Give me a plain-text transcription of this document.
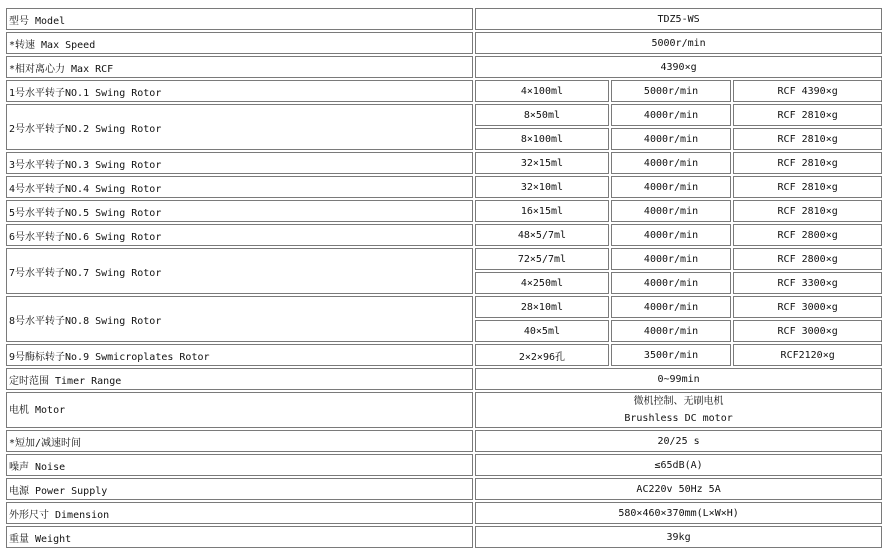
型号 Model	TDZ5-WS		
*转速 Max Speed	5000r/min		
*相对离心力 Max RCF	4390×g		
1号水平转子NO.1 Swing Rotor	4×100ml	5000r/min	RCF 4390×g
2号水平转子NO.2 Swing Rotor	8×50ml	4000r/min	RCF 2810×g
	8×100ml	4000r/min	RCF 2810×g
3号水平转子NO.3 Swing Rotor	32×15ml	4000r/min	RCF 2810×g
4号水平转子NO.4 Swing Rotor	32×10ml	4000r/min	RCF 2810×g
5号水平转子NO.5 Swing Rotor	16×15ml	4000r/min	RCF 2810×g
6号水平转子NO.6 Swing Rotor	48×5/7ml	4000r/min	RCF 2800×g
7号水平转子NO.7 Swing Rotor	72×5/7ml	4000r/min	RCF 2800×g
	4×250ml	4000r/min	RCF 3300×g
8号水平转子NO.8 Swing Rotor	28×10ml	4000r/min	RCF 3000×g
	40×5ml	4000r/min	RCF 3000×g
9号酶标转子No.9 Swmicroplates Rotor	2×2×96孔	3500r/min	RCF2120×g
定时范围 Timer Range	0~99min		
电机 Motor	微机控制、无刷电机
Brushless DC motor		

*短加/减速时间	20/25 s		
噪声 Noise	≤65dB(A)		
电源 Power Supply	AC220v 50Hz 5A		
外形尺寸 Dimension	580×460×370mm(L×W×H)		
重量 Weight	39kg		
